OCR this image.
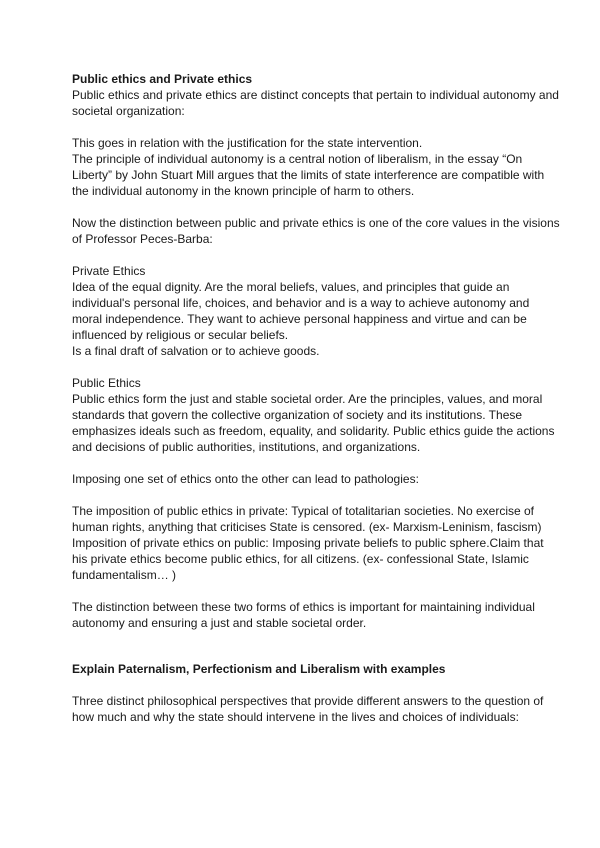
Public ethics and Private ethics

Public ethics and private ethics are distinct concepts that pertain to individual autonomy and societal organization:

This goes in relation with the justification for the state intervention.

The principle of individual autonomy is a central notion of liberalism, in the essay “On Liberty” by John Stuart Mill argues that the limits of state interference are compatible with the individual autonomy in the known principle of harm to others.

Now the distinction between public and private ethics is one of the core values in the visions of Professor Peces-Barba:

Private Ethics

Idea of the equal dignity. Are the moral beliefs, values, and principles that guide an individual's personal life, choices, and behavior and is a way to achieve autonomy and moral independence. They want to achieve personal happiness and virtue and can be influenced by religious or secular beliefs.

Is a final draft of salvation or to achieve goods.

Public Ethics

Public ethics form the just and stable societal order. Are the principles, values, and moral standards that govern the collective organization of society and its institutions. These emphasizes ideals such as freedom, equality, and solidarity. Public ethics guide the actions and decisions of public authorities, institutions, and organizations.

Imposing one set of ethics onto the other can lead to pathologies:

The imposition of public ethics in private: Typical of totalitarian societies. No exercise of human rights, anything that criticises State is censored. (ex- Marxism-Leninism, fascism)

Imposition of private ethics on public: Imposing private beliefs to public sphere.Claim that his private ethics become public ethics, for all citizens. (ex- confessional State, Islamic fundamentalism… )

The distinction between these two forms of ethics is important for maintaining individual autonomy and ensuring a just and stable societal order.

Explain Paternalism, Perfectionism and Liberalism with examples

Three distinct philosophical perspectives that provide different answers to the question of how much and why the state should intervene in the lives and choices of individuals:
